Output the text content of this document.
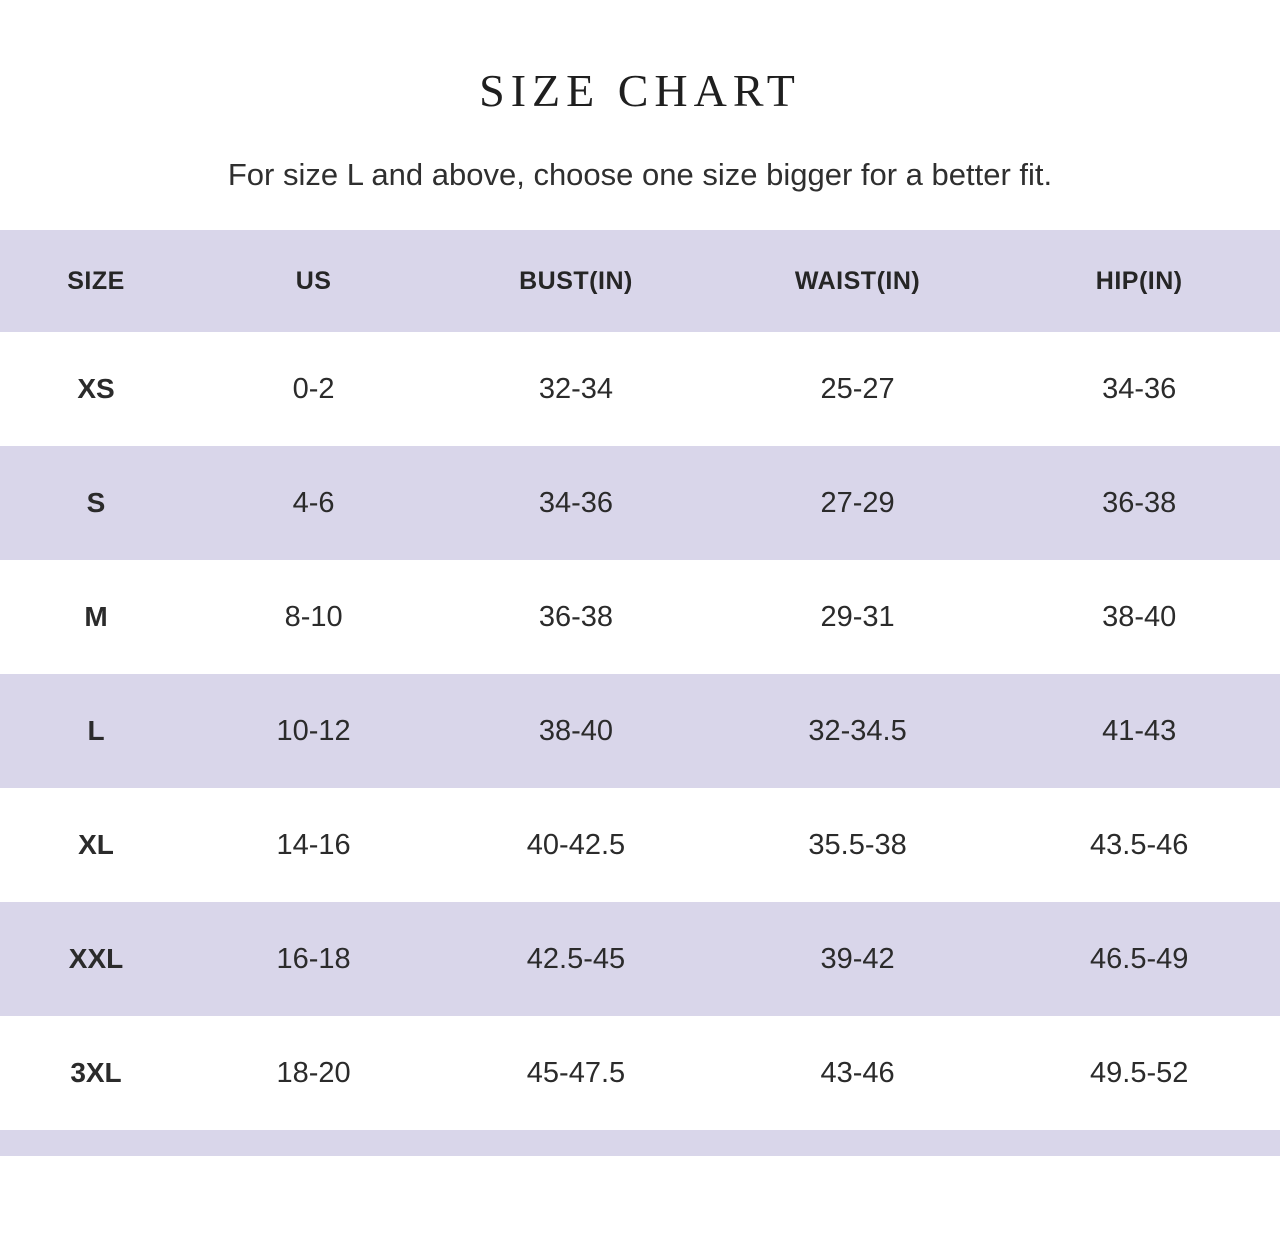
SIZE CHART

For size L and above, choose one size bigger for a better fit.

SIZE	US	BUST(IN)	WAIST(IN)	HIP(IN)
XS	0-2	32-34	25-27	34-36
S	4-6	34-36	27-29	36-38
M	8-10	36-38	29-31	38-40
L	10-12	38-40	32-34.5	41-43
XL	14-16	40-42.5	35.5-38	43.5-46
XXL	16-18	42.5-45	39-42	46.5-49
3XL	18-20	45-47.5	43-46	49.5-52
